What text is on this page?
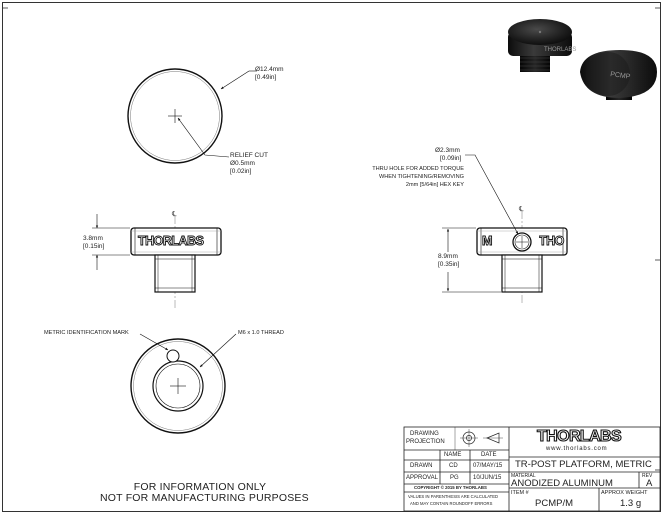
THORLABS
PCMP
Ø12.4mm
[0.49in]
RELIEF CUT
Ø0.5mm
[0.02in]
3.8mm
[0.15in]
℄
THORLABS
Ø2.3mm
[0.09in]
THRU HOLE FOR ADDED TORQUE
WHEN TIGHTENING/REMOVING
2mm [5/64in] HEX KEY
8.9mm
[0.35in]
℄
M	THO
METRIC IDENTIFICATION MARK	M6 x 1.0 THREAD
FOR INFORMATION ONLY
NOT FOR MANUFACTURING PURPOSES
DRAWING
PROJECTION
NAME	DATE
DRAWN	CD	07/MAY/15
APPROVAL PG 10/JUN/15
COPYRIGHT © 2015 BY THORLABS
VALUES IN PARENTHESIS ARE CALCULATED
AND MAY CONTAIN ROUNDOFF ERRORS
THORLABS
www.thorlabs.com
TR-POST PLATFORM, METRIC
MATERIAL
ANODIZED ALUMINUM
REV
A
ITEM #
PCMP/M
APPROX WEIGHT
1.3 g
